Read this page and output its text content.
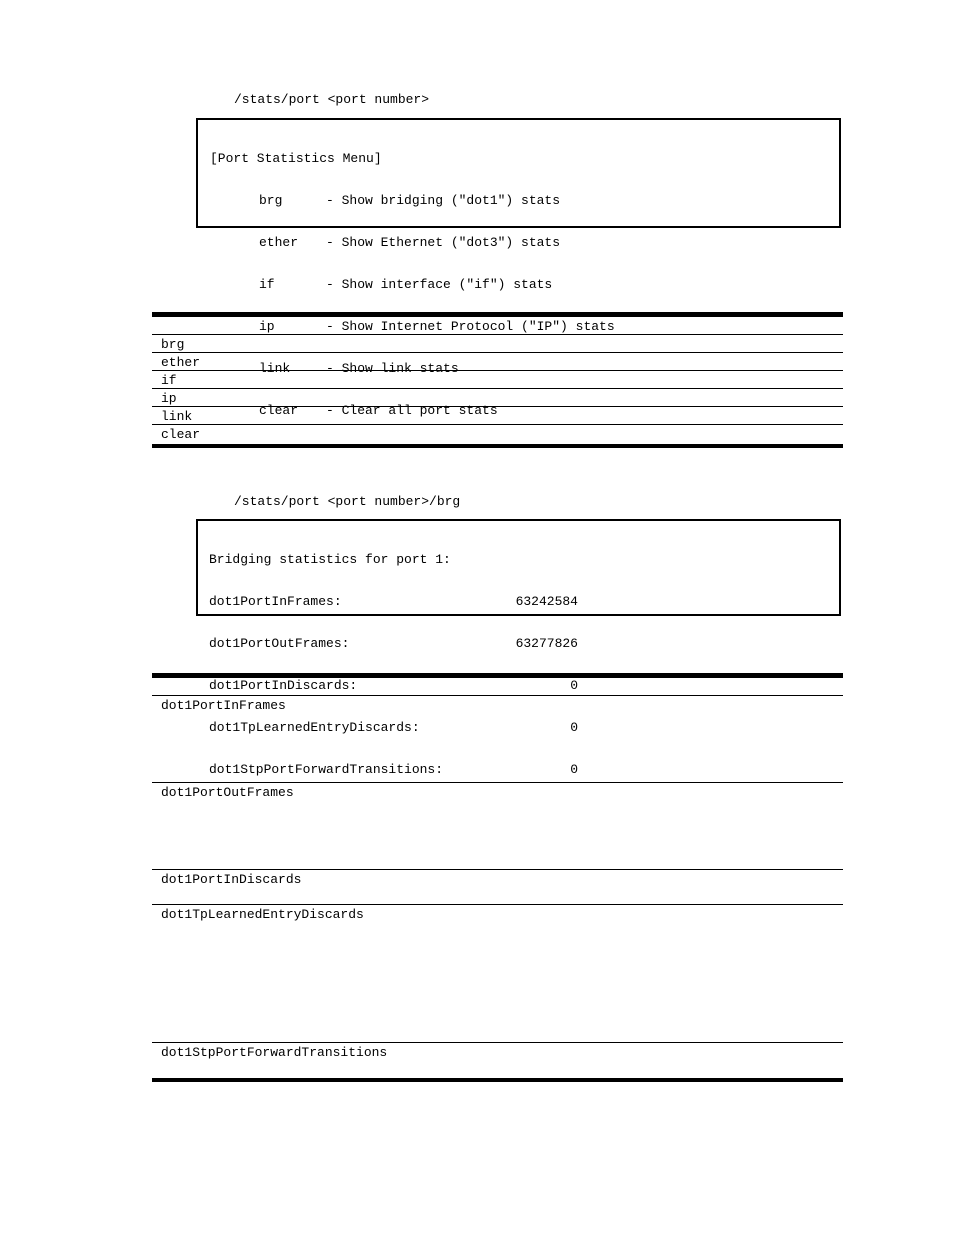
/stats/port <port number>

[Port Statistics Menu]

brg	- Show bridging ("dot1") stats

ether - Show Ethernet ("dot3") stats

if	- Show interface ("if") stats

ip	- Show Internet Protocol ("IP") stats

link	- Show link stats

clear - Clear all port stats

brg
ether
if
ip
link
clear
/stats/port <port number>/brg

Bridging statistics for port 1:

dot1PortInFrames:	63242584

dot1PortOutFrames:	63277826

dot1PortInDiscards:	0

dot1TpLearnedEntryDiscards:	0

dot1StpPortForwardTransitions:	0

dot1PortInFrames
dot1PortOutFrames
dot1PortInDiscards
dot1TpLearnedEntryDiscards
dot1StpPortForwardTransitions
